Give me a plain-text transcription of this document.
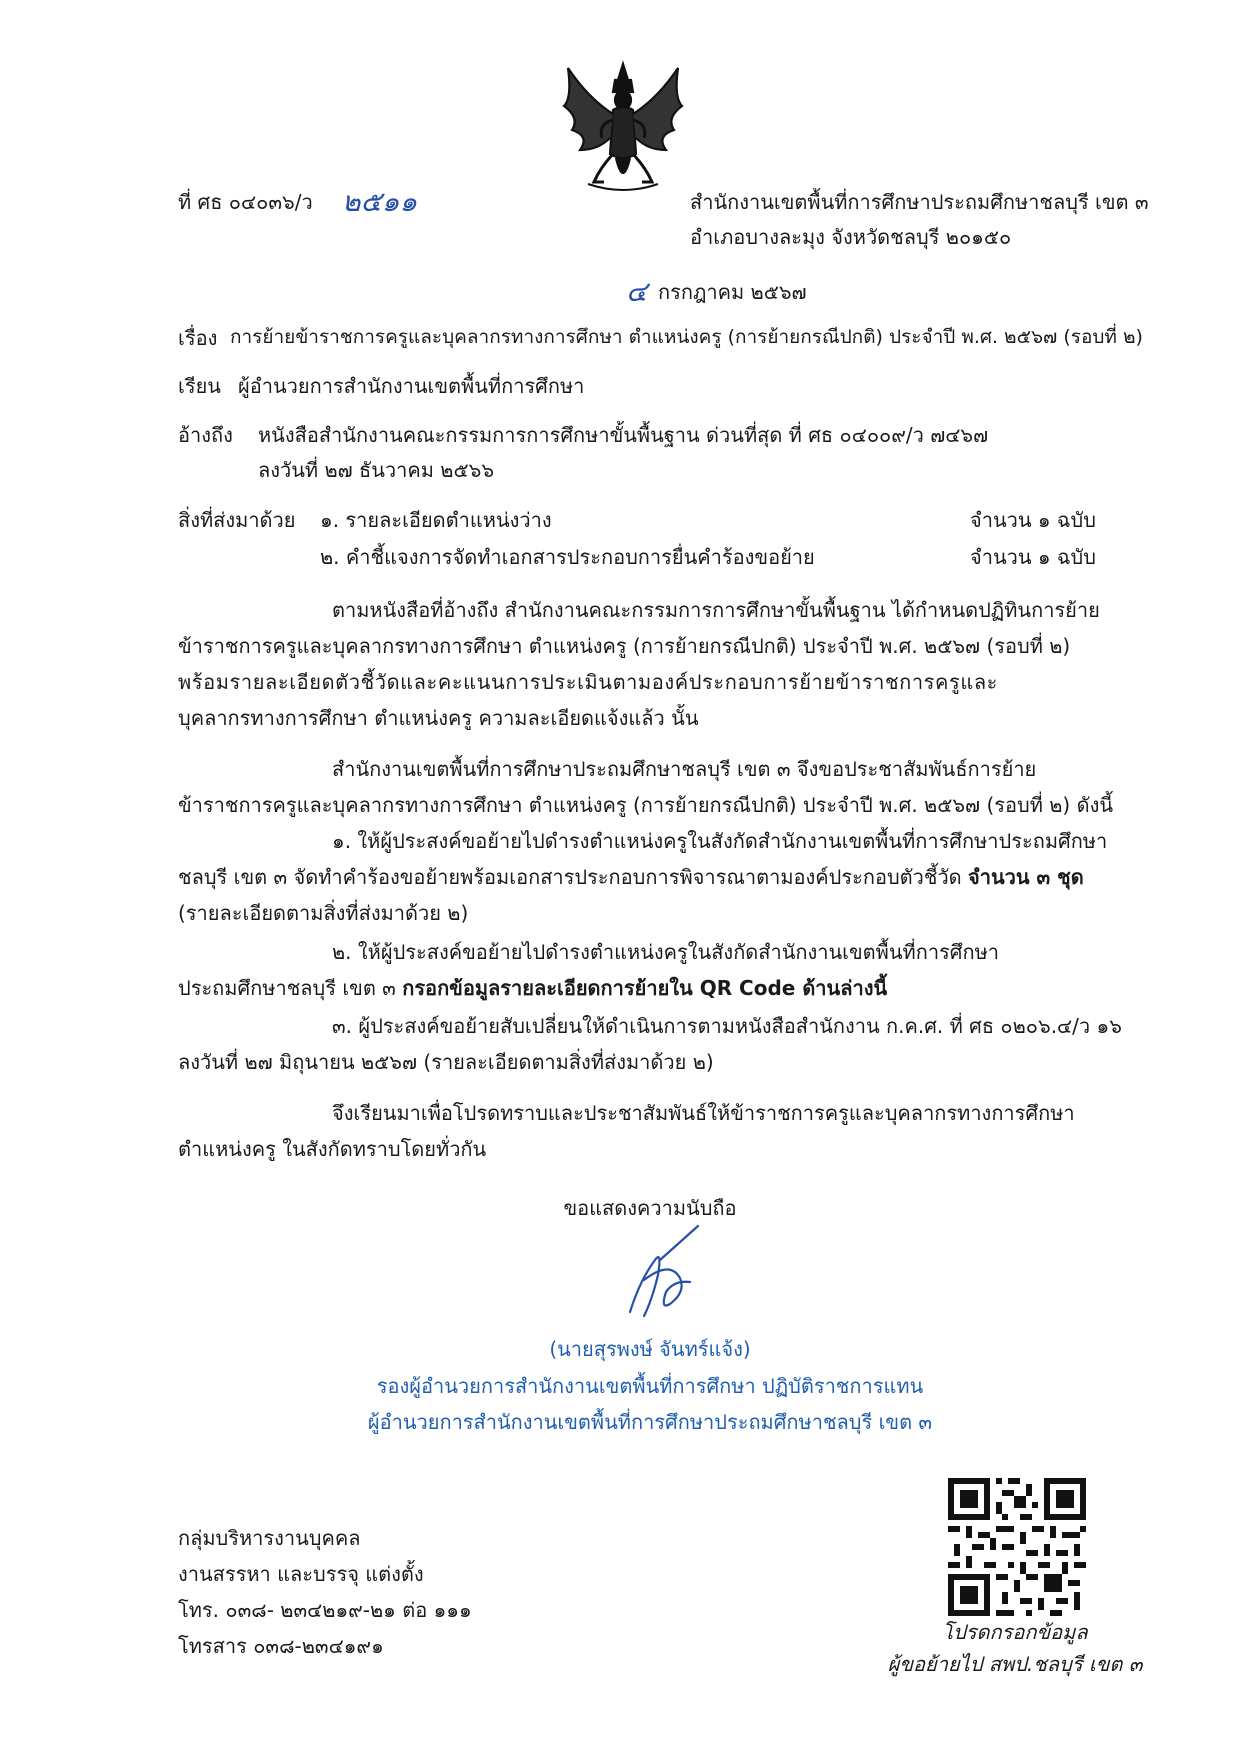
ที่ ศธ ๐๔๐๓๖/ว ๒๕๑๑	สำนักงานเขตพื้นที่การศึกษาประถมศึกษาชลบุรี เขต ๓
อำเภอบางละมุง จังหวัดชลบุรี ๒๐๑๕๐
๔ กรกฎาคม ๒๕๖๗
เรื่อง การย้ายข้าราชการครูและบุคลากรทางการศึกษา ตำแหน่งครู (การย้ายกรณีปกติ) ประจำปี พ.ศ. ๒๕๖๗ (รอบที่ ๒)
เรียน ผู้อำนวยการสำนักงานเขตพื้นที่การศึกษา
อ้างถึง หนังสือสำนักงานคณะกรรมการการศึกษาขั้นพื้นฐาน ด่วนที่สุด ที่ ศธ ๐๔๐๐๙/ว ๗๔๖๗
ลงวันที่ ๒๗ ธันวาคม ๒๕๖๖
สิ่งที่ส่งมาด้วย ๑. รายละเอียดตำแหน่งว่าง	จำนวน ๑ ฉบับ
๒. คำชี้แจงการจัดทำเอกสารประกอบการยื่นคำร้องขอย้าย	จำนวน ๑ ฉบับ
ตามหนังสือที่อ้างถึง สำนักงานคณะกรรมการการศึกษาขั้นพื้นฐาน ได้กำหนดปฏิทินการย้าย
ข้าราชการครูและบุคลากรทางการศึกษา ตำแหน่งครู (การย้ายกรณีปกติ) ประจำปี พ.ศ. ๒๕๖๗ (รอบที่ ๒)
พร้อมรายละเอียดตัวชี้วัดและคะแนนการประเมินตามองค์ประกอบการย้ายข้าราชการครูและ
บุคลากรทางการศึกษา ตำแหน่งครู ความละเอียดแจ้งแล้ว นั้น
สำนักงานเขตพื้นที่การศึกษาประถมศึกษาชลบุรี เขต ๓ จึงขอประชาสัมพันธ์การย้าย
ข้าราชการครูและบุคลากรทางการศึกษา ตำแหน่งครู (การย้ายกรณีปกติ) ประจำปี พ.ศ. ๒๕๖๗ (รอบที่ ๒) ดังนี้
๑. ให้ผู้ประสงค์ขอย้ายไปดำรงตำแหน่งครูในสังกัดสำนักงานเขตพื้นที่การศึกษาประถมศึกษา
ชลบุรี เขต ๓ จัดทำคำร้องขอย้ายพร้อมเอกสารประกอบการพิจารณาตามองค์ประกอบตัวชี้วัด จำนวน ๓ ชุด
(รายละเอียดตามสิ่งที่ส่งมาด้วย ๒)
๒. ให้ผู้ประสงค์ขอย้ายไปดำรงตำแหน่งครูในสังกัดสำนักงานเขตพื้นที่การศึกษา
ประถมศึกษาชลบุรี เขต ๓ กรอกข้อมูลรายละเอียดการย้ายใน QR Code ด้านล่างนี้
๓. ผู้ประสงค์ขอย้ายสับเปลี่ยนให้ดำเนินการตามหนังสือสำนักงาน ก.ค.ศ. ที่ ศธ ๐๒๐๖.๔/ว ๑๖
ลงวันที่ ๒๗ มิถุนายน ๒๕๖๗ (รายละเอียดตามสิ่งที่ส่งมาด้วย ๒)
จึงเรียนมาเพื่อโปรดทราบและประชาสัมพันธ์ให้ข้าราชการครูและบุคลากรทางการศึกษา
ตำแหน่งครู ในสังกัดทราบโดยทั่วกัน
ขอแสดงความนับถือ
(นายสุรพงษ์ จันทร์แจ้ง)
รองผู้อำนวยการสำนักงานเขตพื้นที่การศึกษา ปฏิบัติราชการแทน
ผู้อำนวยการสำนักงานเขตพื้นที่การศึกษาประถมศึกษาชลบุรี เขต ๓
กลุ่มบริหารงานบุคคล
งานสรรหา และบรรจุ แต่งตั้ง
โทร. ๐๓๘- ๒๓๔๒๑๙-๒๑ ต่อ ๑๑๑
โทรสาร ๐๓๘-๒๓๔๑๙๑
โปรดกรอกข้อมูล
ผู้ขอย้ายไป สพป.ชลบุรี เขต ๓
